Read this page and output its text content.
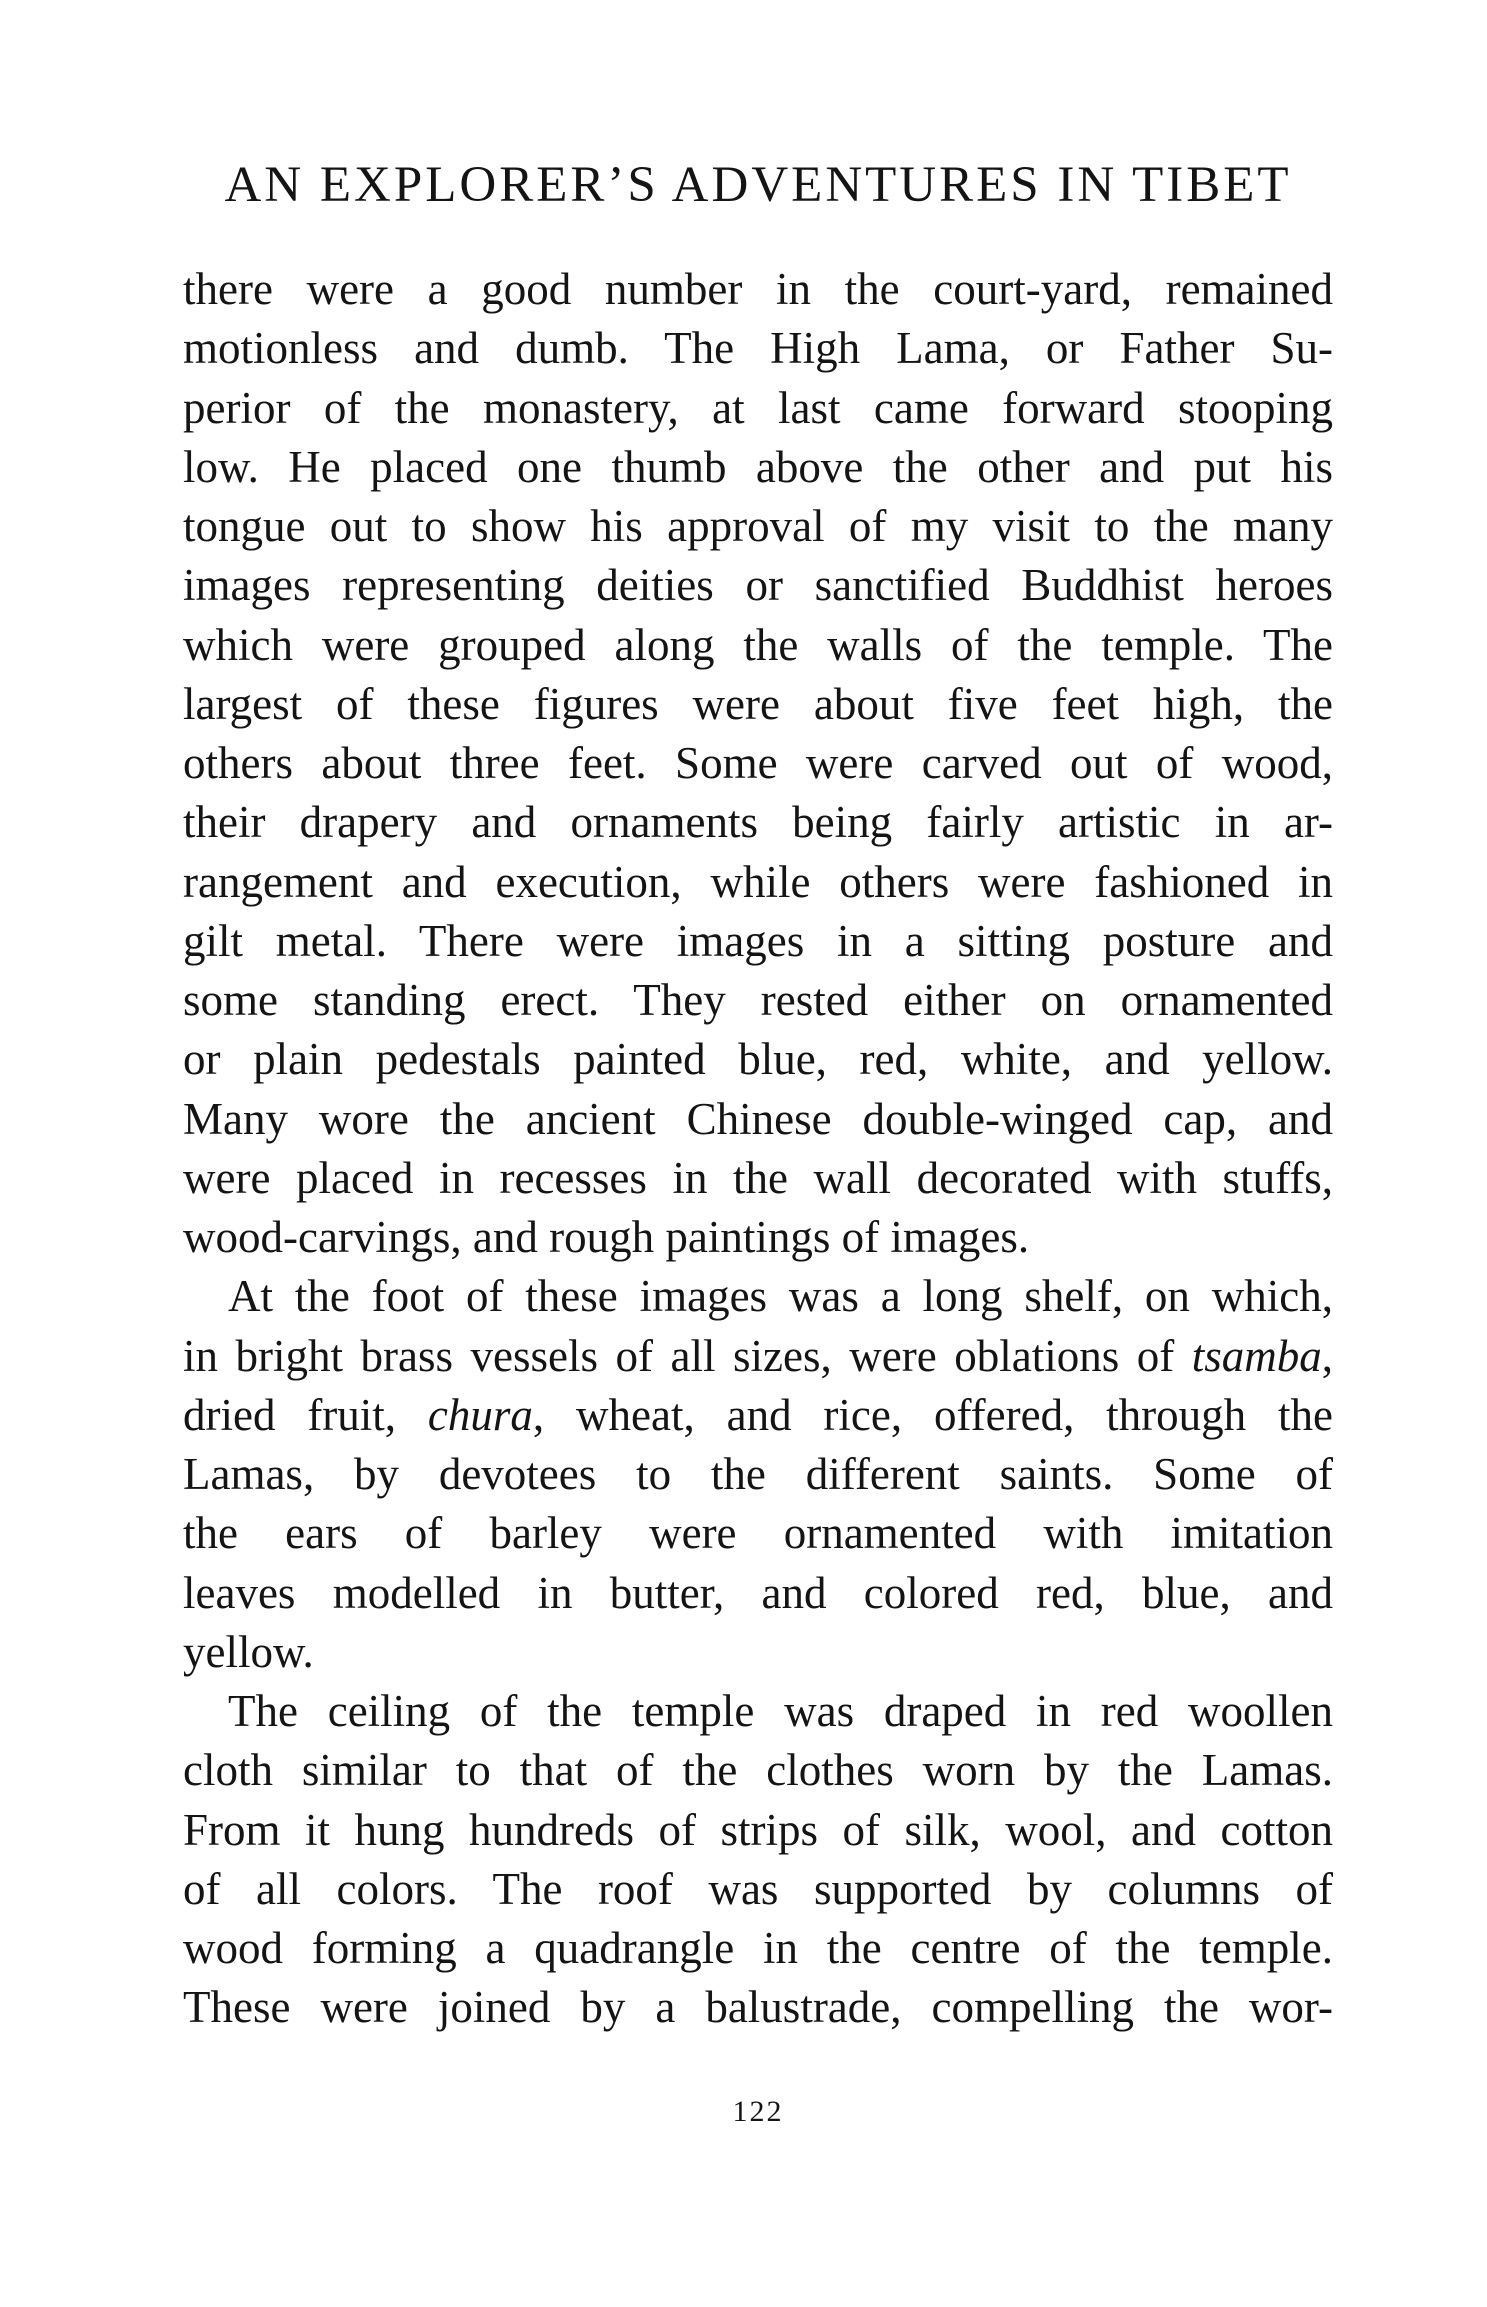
AN EXPLORER’S ADVENTURES IN TIBET
there were a good number in the court-yard, remained
motionless and dumb. The High Lama, or Father Su-
perior of the monastery, at last came forward stooping
low. He placed one thumb above the other and put his
tongue out to show his approval of my visit to the many
images representing deities or sanctified Buddhist heroes
which were grouped along the walls of the temple. The
largest of these figures were about five feet high, the
others about three feet. Some were carved out of wood,
their drapery and ornaments being fairly artistic in ar-
rangement and execution, while others were fashioned in
gilt metal. There were images in a sitting posture and
some standing erect. They rested either on ornamented
or plain pedestals painted blue, red, white, and yellow.
Many wore the ancient Chinese double-winged cap, and
were placed in recesses in the wall decorated with stuffs,
wood-carvings, and rough paintings of images.
At the foot of these images was a long shelf, on which,
in bright brass vessels of all sizes, were oblations of tsamba,
dried fruit, chura, wheat, and rice, offered, through the
Lamas, by devotees to the different saints. Some of
the ears of barley were ornamented with imitation
leaves modelled in butter, and colored red, blue, and
yellow.
The ceiling of the temple was draped in red woollen
cloth similar to that of the clothes worn by the Lamas.
From it hung hundreds of strips of silk, wool, and cotton
of all colors. The roof was supported by columns of
wood forming a quadrangle in the centre of the temple.
These were joined by a balustrade, compelling the wor-
122
